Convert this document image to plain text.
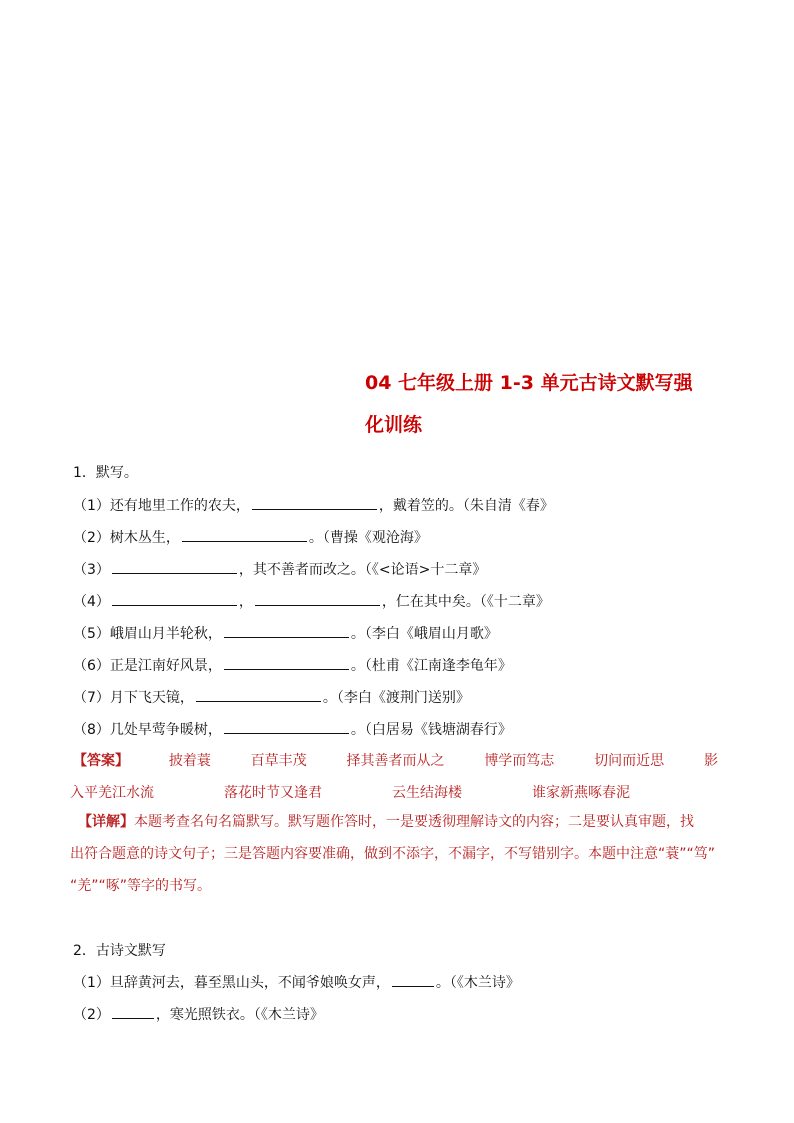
04 七年级上册 1-3 单元古诗文默写强
化训练
1．默写。
（1）还有地里工作的农夫，	，戴着笠的。（朱自清《春》
（2）树木丛生，	。（曹操《观沧海》
（3）	，其不善者而改之。（《<论语>十二章》
（4）	，	，仁在其中矣。（《十二章》
（5）峨眉山月半轮秋，	。（李白《峨眉山月歌》
（6）正是江南好风景，	。（杜甫《江南逢李龟年》
（7）月下飞天镜，	。（李白《渡荆门送别》
（8）几处早莺争暖树，	。（白居易《钱塘湖春行》
【答案】	披着蓑	百草丰茂	择其善者而从之	博学而笃志	切问而近思	影
入平羌江水流	落花时节又逢君	云生结海楼	谁家新燕啄春泥
【详解】本题考查名句名篇默写。默写题作答时，一是要透彻理解诗文的内容；二是要认真审题，找
出符合题意的诗文句子；三是答题内容要准确，做到不添字，不漏字，不写错别字。本题中注意“蓑”“笃”
“羌”“啄”等字的书写。
2．古诗文默写
（1）旦辞黄河去，暮至黑山头，不闻爷娘唤女声，	。（《木兰诗》
（2）	，寒光照铁衣。（《木兰诗》
